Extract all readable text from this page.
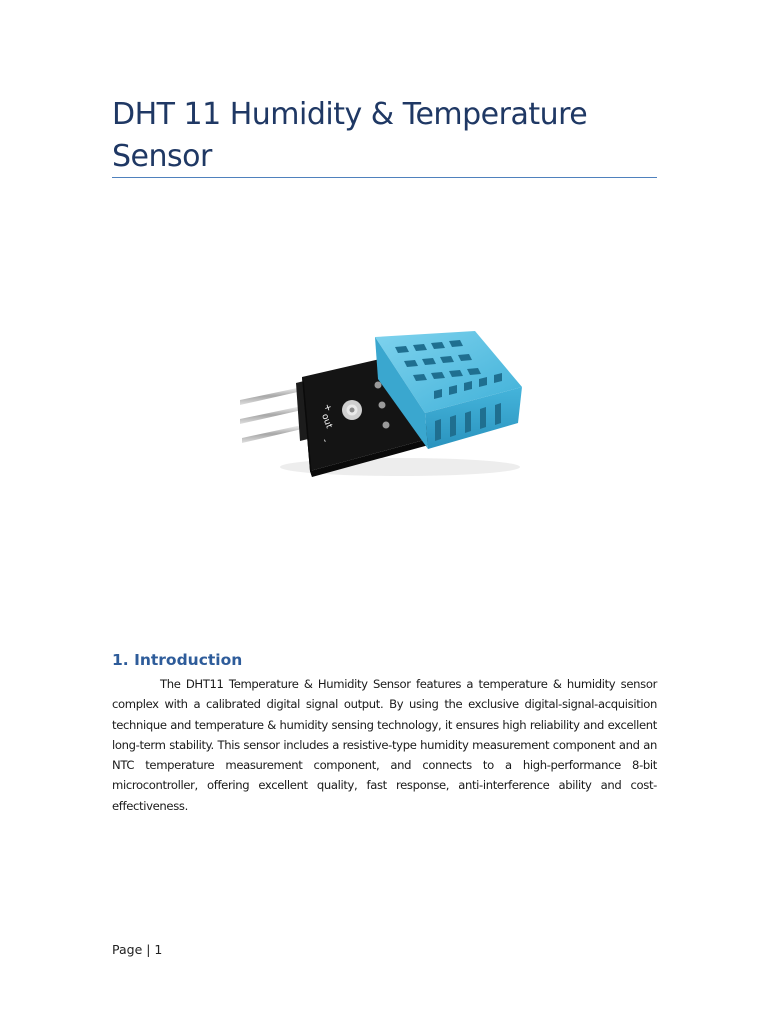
DHT 11 Humidity & Temperature Sensor
+
out
-
1. Introduction

The DHT11 Temperature & Humidity Sensor features a temperature & humidity sensor complex with a calibrated digital signal output. By using the exclusive digital-signal-acquisition technique and temperature & humidity sensing technology, it ensures high reliability and excellent long-term stability. This sensor includes a resistive-type humidity measurement component and an NTC temperature measurement component, and connects to a high-performance 8-bit microcontroller, offering excellent quality, fast response, anti-interference ability and cost-effectiveness.

Page | 1
